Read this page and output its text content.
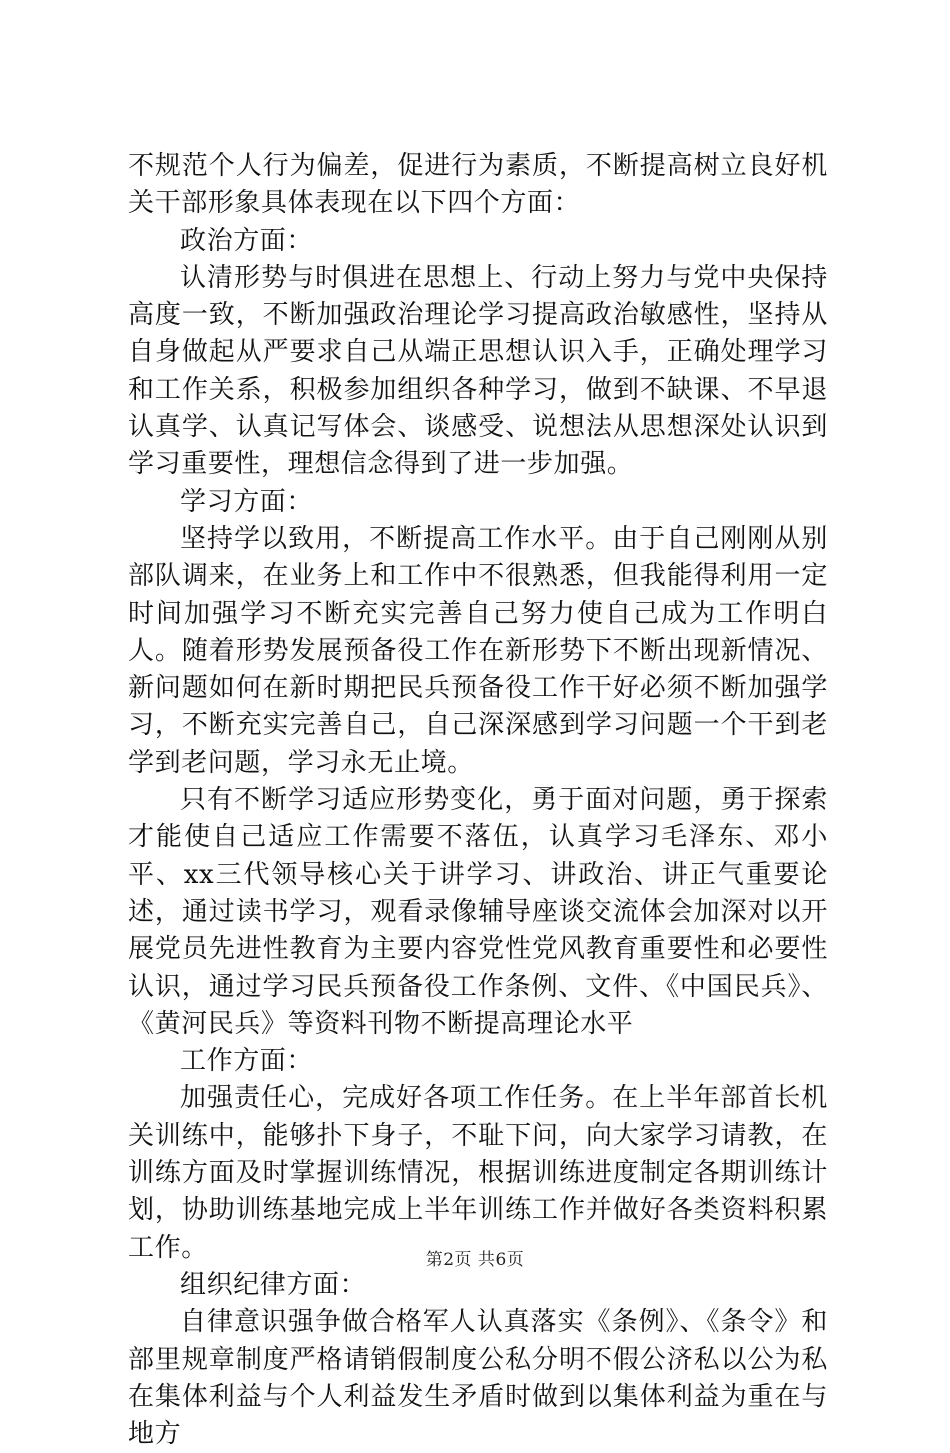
不规范个人行为偏差，促进行为素质，不断提高树立良好机关干部形象具体表现在以下四个方面：

政治方面：

认清形势与时俱进在思想上、行动上努力与党中央保持高度一致，不断加强政治理论学习提高政治敏感性，坚持从自身做起从严要求自己从端正思想认识入手，正确处理学习和工作关系，积极参加组织各种学习，做到不缺课、不早退认真学、认真记写体会、谈感受、说想法从思想深处认识到学习重要性，理想信念得到了进一步加强。

学习方面：

坚持学以致用，不断提高工作水平。由于自己刚刚从别部队调来，在业务上和工作中不很熟悉，但我能得利用一定时间加强学习不断充实完善自己努力使自己成为工作明白人。随着形势发展预备役工作在新形势下不断出现新情况、新问题如何在新时期把民兵预备役工作干好必须不断加强学习，不断充实完善自己，自己深深感到学习问题一个干到老学到老问题，学习永无止境。

只有不断学习适应形势变化，勇于面对问题，勇于探索才能使自己适应工作需要不落伍，认真学习毛泽东、邓小平、xx三代领导核心关于讲学习、讲政治、讲正气重要论述，通过读书学习，观看录像辅导座谈交流体会加深对以开展党员先进性教育为主要内容党性党风教育重要性和必要性认识，通过学习民兵预备役工作条例、文件、《中国民兵》、《黄河民兵》等资料刊物不断提高理论水平

工作方面：

加强责任心，完成好各项工作任务。在上半年部首长机关训练中，能够扑下身子，不耻下问，向大家学习请教，在训练方面及时掌握训练情况，根据训练进度制定各期训练计划，协助训练基地完成上半年训练工作并做好各类资料积累工作。

组织纪律方面：

自律意识强争做合格军人认真落实《条例》、《条令》和部里规章制度严格请销假制度公私分明不假公济私以公为私在集体利益与个人利益发生矛盾时做到以集体利益为重在与地方

第2页 共6页
